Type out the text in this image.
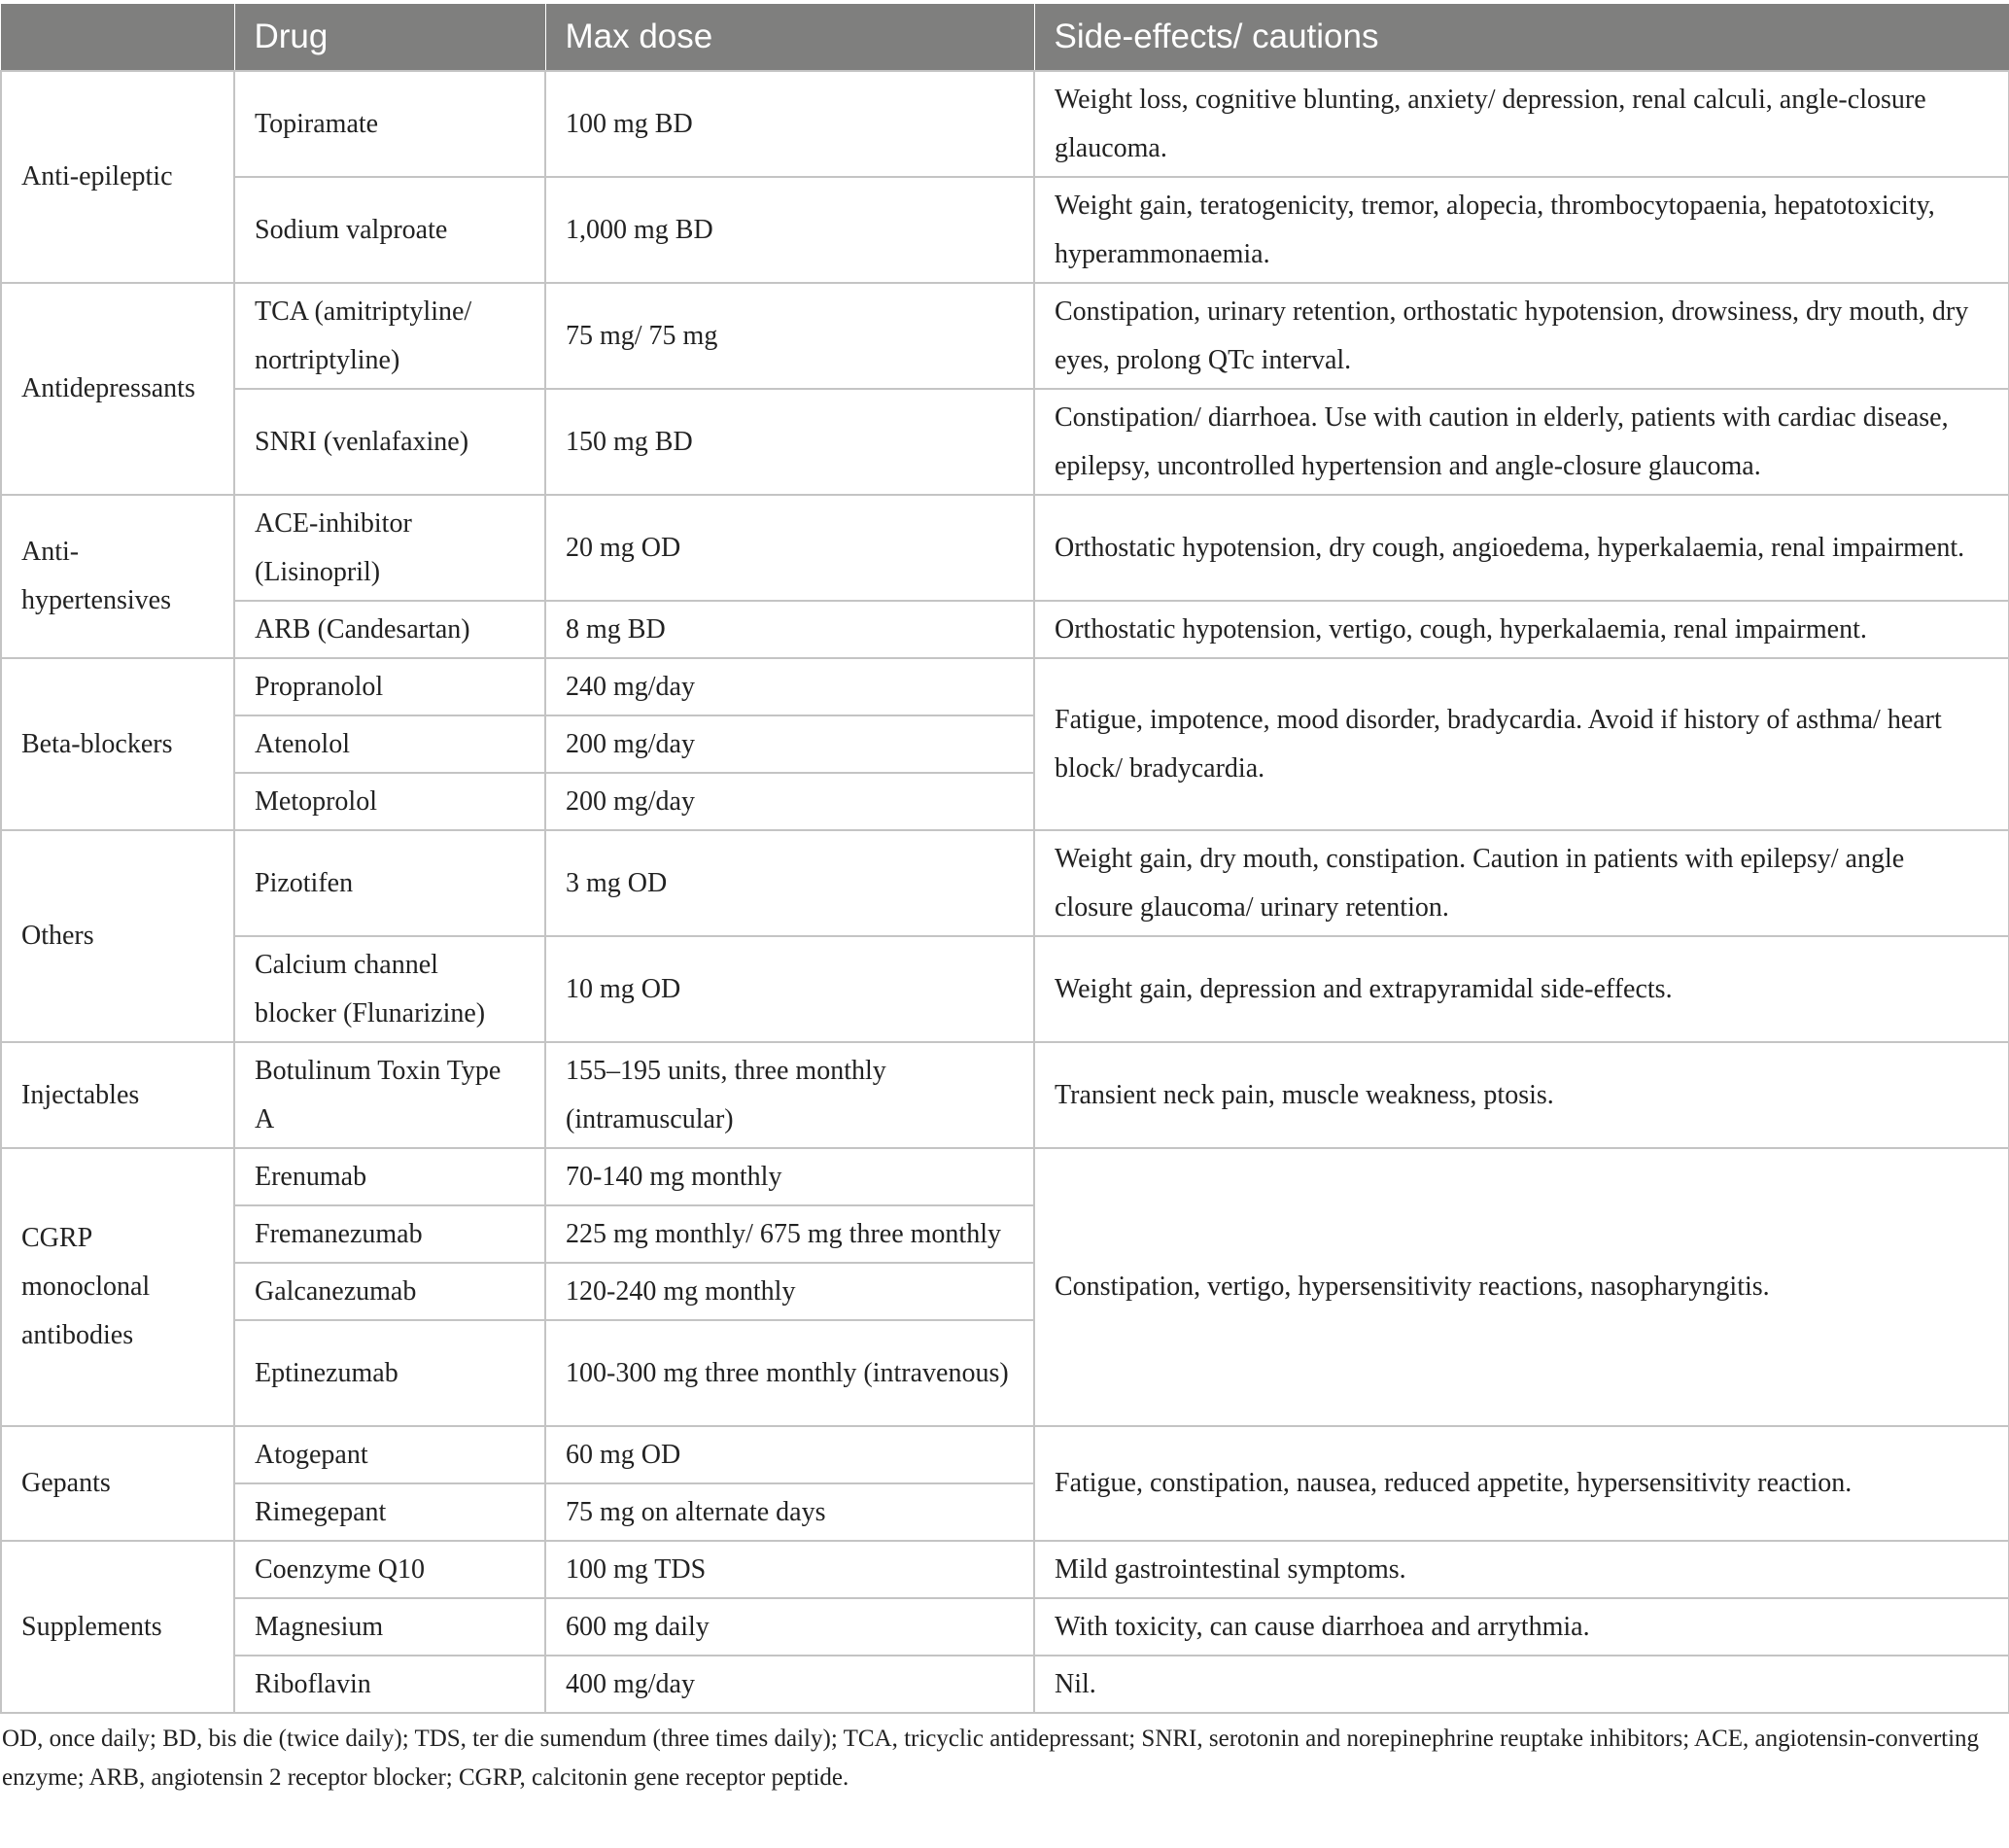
	Drug	Max dose	Side-effects/ cautions
Anti-epileptic	Topiramate	100 mg BD	Weight loss, cognitive blunting, anxiety/ depression, renal calculi, angle-closure glaucoma.
	Sodium valproate	1,000 mg BD	Weight gain, teratogenicity, tremor, alopecia, thrombocytopaenia, hepatotoxicity, hyperammonaemia.
Antidepressants	TCA (amitriptyline/ nortriptyline)	75 mg/ 75 mg	Constipation, urinary retention, orthostatic hypotension, drowsiness, dry mouth, dry eyes, prolong QTc interval.
	SNRI (venlafaxine)	150 mg BD	Constipation/ diarrhoea. Use with caution in elderly, patients with cardiac disease, epilepsy, uncontrolled hypertension and angle-closure glaucoma.
Anti-hypertensives	ACE-inhibitor (Lisinopril)	20 mg OD	Orthostatic hypotension, dry cough, angioedema, hyperkalaemia, renal impairment.
	ARB (Candesartan)	8 mg BD	Orthostatic hypotension, vertigo, cough, hyperkalaemia, renal impairment.
Beta-blockers	Propranolol	240 mg/day	Fatigue, impotence, mood disorder, bradycardia. Avoid if history of asthma/ heart block/ bradycardia.
	Atenolol	200 mg/day	
	Metoprolol	200 mg/day	
Others	Pizotifen	3 mg OD	Weight gain, dry mouth, constipation. Caution in patients with epilepsy/ angle closure glaucoma/ urinary retention.
	Calcium channel blocker (Flunarizine)	10 mg OD	Weight gain, depression and extrapyramidal side-effects.
Injectables	Botulinum Toxin Type A	155–195 units, three monthly (intramuscular)	Transient neck pain, muscle weakness, ptosis.
CGRP monoclonal antibodies	Erenumab	70-140 mg monthly	Constipation, vertigo, hypersensitivity reactions, nasopharyngitis.
	Fremanezumab	225 mg monthly/ 675 mg three monthly	
	Galcanezumab	120-240 mg monthly	
	Eptinezumab	100-300 mg three monthly (intravenous)	
Gepants	Atogepant	60 mg OD	Fatigue, constipation, nausea, reduced appetite, hypersensitivity reaction.
	Rimegepant	75 mg on alternate days	
Supplements	Coenzyme Q10	100 mg TDS	Mild gastrointestinal symptoms.
	Magnesium	600 mg daily	With toxicity, can cause diarrhoea and arrythmia.
	Riboflavin	400 mg/day	Nil.
OD, once daily; BD, bis die (twice daily); TDS, ter die sumendum (three times daily); TCA, tricyclic antidepressant; SNRI, serotonin and norepinephrine reuptake inhibitors; ACE, angiotensin-converting enzyme; ARB, angiotensin 2 receptor blocker; CGRP, calcitonin gene receptor peptide.
